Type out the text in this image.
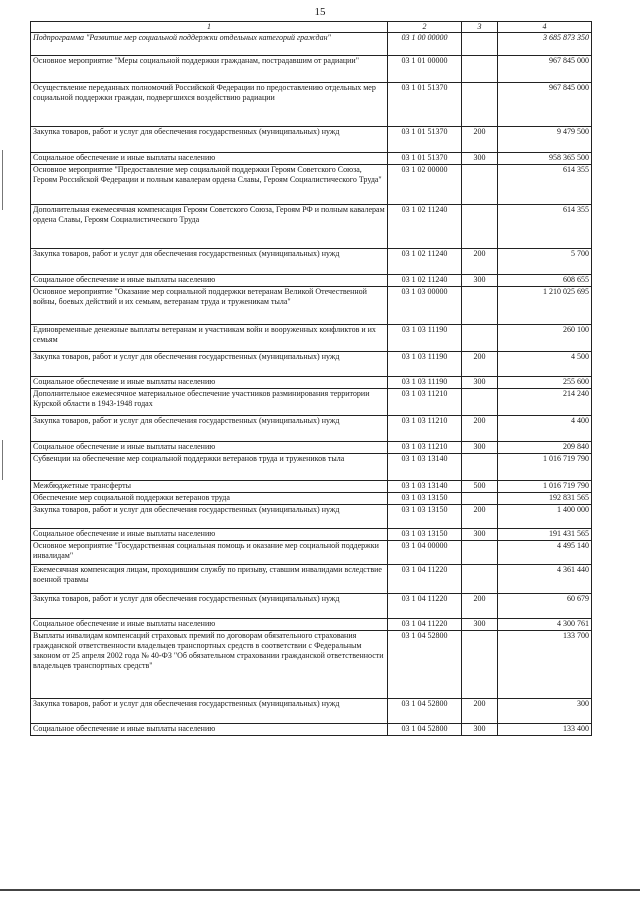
15
1	2	3	4
Подпрограмма "Развитие мер социальной поддержки отдельных категорий граждан"	03 1 00 00000		3 685 873 350
Основное мероприятие "Меры социальной поддержки гражданам, пострадавшим от радиации"	03 1 01 00000		967 845 000
Осуществление переданных полномочий Российской Федерации по предоставлению отдельных мер социальной поддержки граждан, подвергшихся воздействию радиации	03 1 01 51370		967 845 000
Закупка товаров, работ и услуг для обеспечения государственных (муниципальных) нужд	03 1 01 51370	200	9 479 500
Социальное обеспечение и иные выплаты населению	03 1 01 51370	300	958 365 500
Основное мероприятие "Предоставление мер социальной поддержки Героям Советского Союза, Героям Российской Федерации и полным кавалерам ордена Славы, Героям Социалистического Труда"	03 1 02 00000		614 355
Дополнительная ежемесячная компенсация Героям Советского Союза, Героям РФ и полным кавалерам ордена Славы, Героям Социалистического Труда	03 1 02 11240		614 355
Закупка товаров, работ и услуг для обеспечения государственных (муниципальных) нужд	03 1 02 11240	200	5 700
Социальное обеспечение и иные выплаты населению	03 1 02 11240	300	608 655
Основное мероприятие "Оказание мер социальной поддержки ветеранам Великой Отечественной войны, боевых действий и их семьям, ветеранам труда и труженикам тыла"	03 1 03 00000		1 210 025 695
Единовременные денежные выплаты ветеранам и участникам войн и вооруженных конфликтов и их семьям	03 1 03 11190		260 100
Закупка товаров, работ и услуг для обеспечения государственных (муниципальных) нужд	03 1 03 11190	200	4 500
Социальное обеспечение и иные выплаты населению	03 1 03 11190	300	255 600
Дополнительное ежемесячное материальное обеспечение участников разминирования территории Курской области в 1943-1948 годах	03 1 03 11210		214 240
Закупка товаров, работ и услуг для обеспечения государственных (муниципальных) нужд	03 1 03 11210	200	4 400
Социальное обеспечение и иные выплаты населению	03 1 03 11210	300	209 840
Субвенции на обеспечение мер социальной поддержки ветеранов труда и тружеников тыла	03 1 03 13140		1 016 719 790
Межбюджетные трансферты	03 1 03 13140	500	1 016 719 790
Обеспечение мер социальной поддержки ветеранов труда	03 1 03 13150		192 831 565
Закупка товаров, работ и услуг для обеспечения государственных (муниципальных) нужд	03 1 03 13150	200	1 400 000
Социальное обеспечение и иные выплаты населению	03 1 03 13150	300	191 431 565
Основное мероприятие "Государственная социальная помощь и оказание мер социальной поддержки инвалидам"	03 1 04 00000		4 495 140
Ежемесячная компенсация лицам, проходившим службу по призыву, ставшим инвалидами вследствие военной травмы	03 1 04 11220		4 361 440
Закупка товаров, работ и услуг для обеспечения государственных (муниципальных) нужд	03 1 04 11220	200	60 679
Социальное обеспечение и иные выплаты населению	03 1 04 11220	300	4 300 761
Выплаты инвалидам компенсаций страховых премий по договорам обязательного страхования гражданской ответственности владельцев транспортных средств в соответствии с Федеральным законом от 25 апреля 2002 года № 40-ФЗ "Об обязательном страховании гражданской ответственности владельцев транспортных средств"	03 1 04 52800		133 700
Закупка товаров, работ и услуг для обеспечения государственных (муниципальных) нужд	03 1 04 52800	200	300
Социальное обеспечение и иные выплаты населению	03 1 04 52800	300	133 400
